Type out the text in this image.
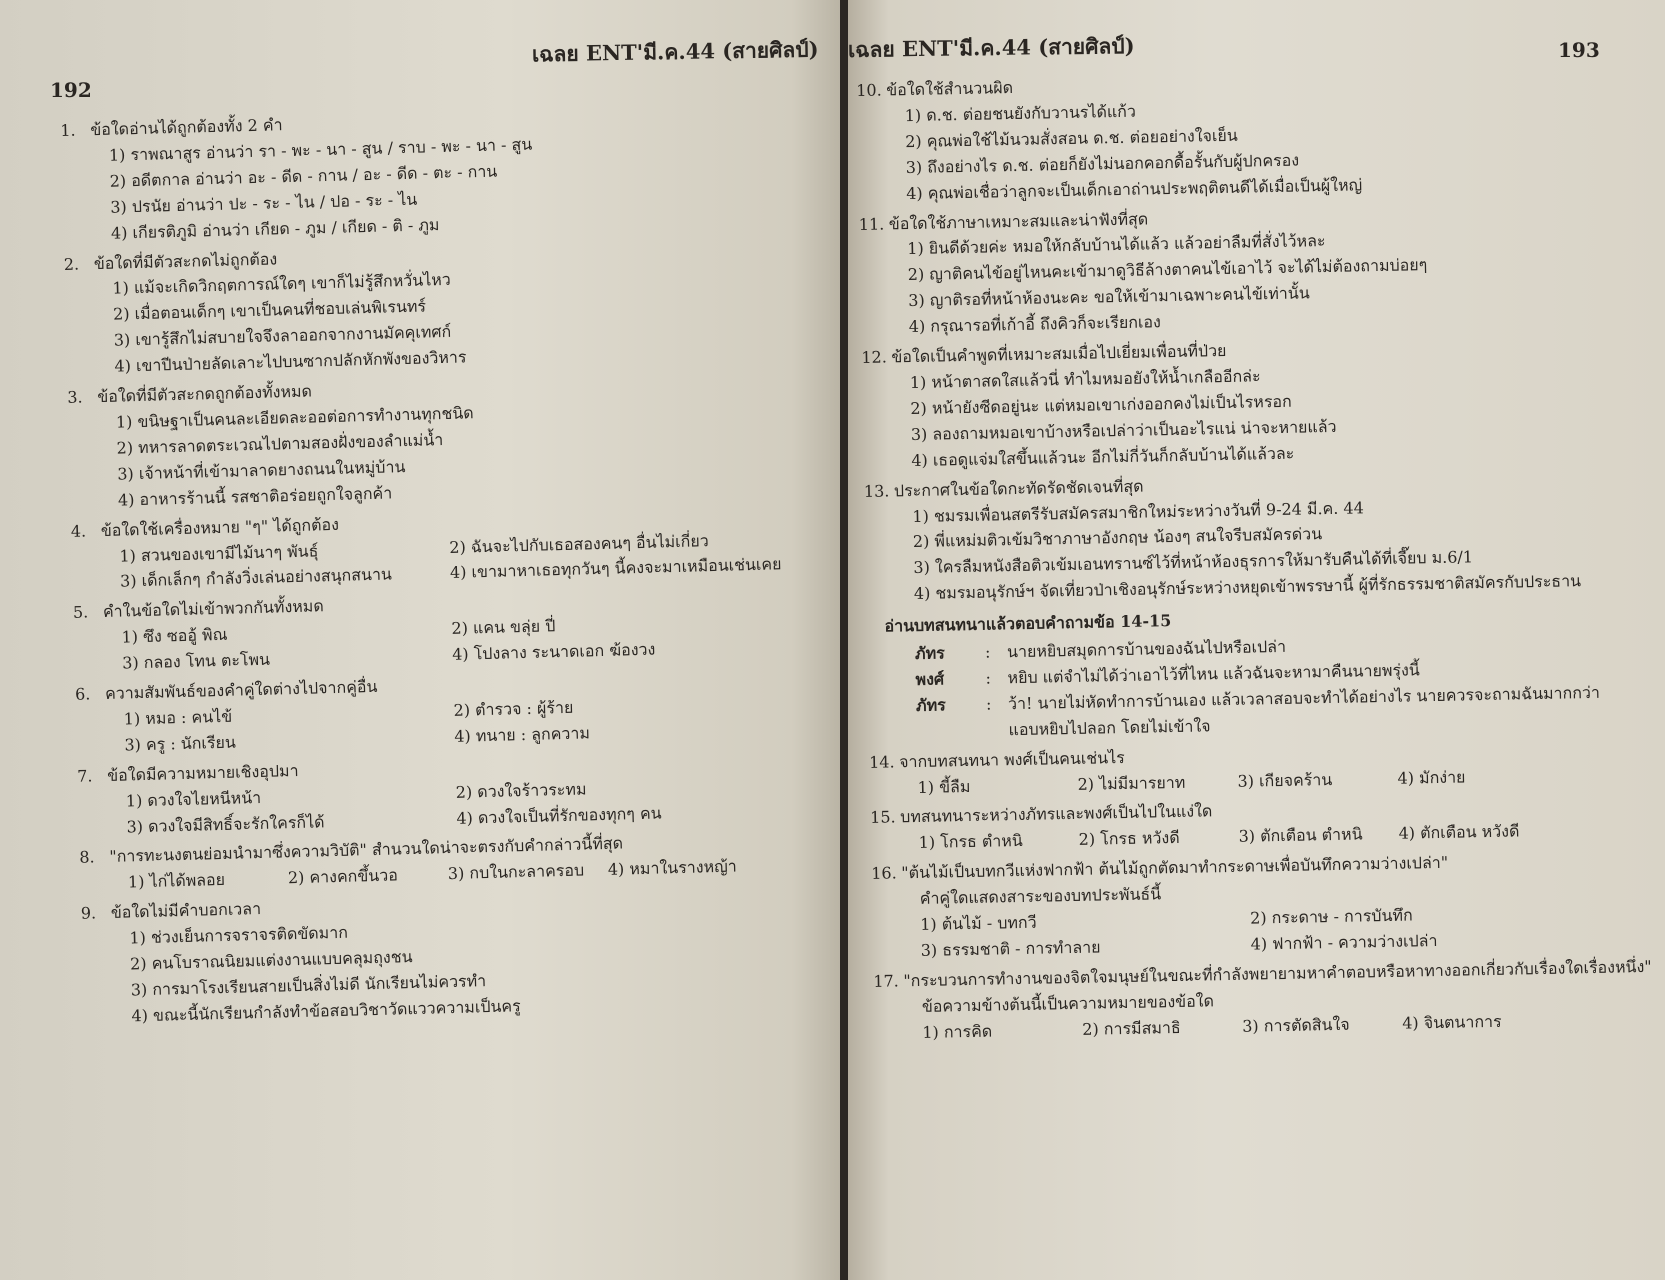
เฉลย ENT'มี.ค.44 (สายศิลป์)
192
1. ข้อใดอ่านได้ถูกต้องทั้ง 2 คำ
1) ราพณาสูร อ่านว่า รา - พะ - นา - สูน / ราบ - พะ - นา - สูน
2) อดีตกาล อ่านว่า อะ - ดีด - กาน / อะ - ดีด - ตะ - กาน
3) ปรนัย อ่านว่า ปะ - ระ - ไน / ปอ - ระ - ไน
4) เกียรติภูมิ อ่านว่า เกียด - ภูม / เกียด - ติ - ภูม
2. ข้อใดที่มีตัวสะกดไม่ถูกต้อง
1) แม้จะเกิดวิกฤตการณ์ใดๆ เขาก็ไม่รู้สึกหวั่นไหว
2) เมื่อตอนเด็กๆ เขาเป็นคนที่ชอบเล่นพิเรนทร์
3) เขารู้สึกไม่สบายใจจึงลาออกจากงานมัคคุเทศก์
4) เขาปีนป่ายลัดเลาะไปบนซากปลักหักพังของวิหาร
3. ข้อใดที่มีตัวสะกดถูกต้องทั้งหมด
1) ขนิษฐาเป็นคนละเอียดละออต่อการทำงานทุกชนิด
2) ทหารลาดตระเวณไปตามสองฝั่งของลำแม่น้ำ
3) เจ้าหน้าที่เข้ามาลาดยางถนนในหมู่บ้าน
4) อาหารร้านนี้ รสชาติอร่อยถูกใจลูกค้า
4. ข้อใดใช้เครื่องหมาย "ๆ" ได้ถูกต้อง
1) สวนของเขามีไม้นาๆ พันธุ์	2) ฉันจะไปกับเธอสองคนๆ อื่นไม่เกี่ยว
3) เด็กเล็กๆ กำลังวิ่งเล่นอย่างสนุกสนาน	4) เขามาหาเธอทุกวันๆ นี้คงจะมาเหมือนเช่นเคย
5. คำในข้อใดไม่เข้าพวกกันทั้งหมด
1) ซึง ซออู้ พิณ	2) แคน ขลุ่ย ปี่
3) กลอง โทน ตะโพน	4) โปงลาง ระนาดเอก ฆ้องวง
6. ความสัมพันธ์ของคำคู่ใดต่างไปจากคู่อื่น
1) หมอ : คนไข้	2) ตำรวจ : ผู้ร้าย
3) ครู : นักเรียน	4) ทนาย : ลูกความ
7. ข้อใดมีความหมายเชิงอุปมา
1) ดวงใจไยหนีหน้า	2) ดวงใจร้าวระทม
3) ดวงใจมีสิทธิ์จะรักใครก็ได้	4) ดวงใจเป็นที่รักของทุกๆ คน
8. "การทะนงตนย่อมนำมาซึ่งความวิบัติ" สำนวนใดน่าจะตรงกับคำกล่าวนี้ที่สุด
1) ไก่ได้พลอย	2) คางคกขึ้นวอ	3) กบในกะลาครอบ	4) หมาในรางหญ้า
9. ข้อใดไม่มีคำบอกเวลา
1) ช่วงเย็นการจราจรติดขัดมาก
2) คนโบราณนิยมแต่งงานแบบคลุมถุงชน
3) การมาโรงเรียนสายเป็นสิ่งไม่ดี นักเรียนไม่ควรทำ
4) ขณะนี้นักเรียนกำลังทำข้อสอบวิชาวัดแววความเป็นครู
เฉลย ENT'มี.ค.44 (สายศิลป์)	193
10. ข้อใดใช้สำนวนผิด
1) ด.ช. ต่อยชนยังกับวานรได้แก้ว
2) คุณพ่อใช้ไม้นวมสั่งสอน ด.ช. ต่อยอย่างใจเย็น
3) ถึงอย่างไร ด.ช. ต่อยก็ยังไม่นอกคอกดื้อรั้นกับผู้ปกครอง
4) คุณพ่อเชื่อว่าลูกจะเป็นเด็กเอาถ่านประพฤติตนดีได้เมื่อเป็นผู้ใหญ่
11. ข้อใดใช้ภาษาเหมาะสมและน่าฟังที่สุด
1) ยินดีด้วยค่ะ หมอให้กลับบ้านได้แล้ว แล้วอย่าลืมที่สั่งไว้หละ
2) ญาติคนไข้อยู่ไหนคะเข้ามาดูวิธีล้างตาคนไข้เอาไว้ จะได้ไม่ต้องถามบ่อยๆ
3) ญาติรอที่หน้าห้องนะคะ ขอให้เข้ามาเฉพาะคนไข้เท่านั้น
4) กรุณารอที่เก้าอี้ ถึงคิวก็จะเรียกเอง
12. ข้อใดเป็นคำพูดที่เหมาะสมเมื่อไปเยี่ยมเพื่อนที่ป่วย
1) หน้าตาสดใสแล้วนี่ ทำไมหมอยังให้น้ำเกลืออีกล่ะ
2) หน้ายังซีดอยู่นะ แต่หมอเขาเก่งออกคงไม่เป็นไรหรอก
3) ลองถามหมอเขาบ้างหรือเปล่าว่าเป็นอะไรแน่ น่าจะหายแล้ว
4) เธอดูแจ่มใสขึ้นแล้วนะ อีกไม่กี่วันก็กลับบ้านได้แล้วละ
13. ประกาศในข้อใดกะทัดรัดชัดเจนที่สุด
1) ชมรมเพื่อนสตรีรับสมัครสมาชิกใหม่ระหว่างวันที่ 9-24 มี.ค. 44
2) พี่แหม่มติวเข้มวิชาภาษาอังกฤษ น้องๆ สนใจรีบสมัครด่วน
3) ใครลืมหนังสือติวเข้มเอนทรานซ์ไว้ที่หน้าห้องธุรการให้มารับคืนได้ที่เจี๊ยบ ม.6/1
4) ชมรมอนุรักษ์ฯ จัดเที่ยวป่าเชิงอนุรักษ์ระหว่างหยุดเข้าพรรษานี้ ผู้ที่รักธรรมชาติสมัครกับประธาน
อ่านบทสนทนาแล้วตอบคำถามข้อ 14-15
ภัทร	:	นายหยิบสมุดการบ้านของฉันไปหรือเปล่า
พงศ์	:	หยิบ แต่จำไม่ได้ว่าเอาไว้ที่ไหน แล้วฉันจะหามาคืนนายพรุ่งนี้
ภัทร	:	ว้า! นายไม่หัดทำการบ้านเอง แล้วเวลาสอบจะทำได้อย่างไร นายควรจะถามฉันมากกว่าแอบหยิบไปลอก โดยไม่เข้าใจ
14. จากบทสนทนา พงศ์เป็นคนเช่นไร
1) ขี้ลืม	2) ไม่มีมารยาท	3) เกียจคร้าน	4) มักง่าย
15. บทสนทนาระหว่างภัทรและพงศ์เป็นไปในแง่ใด
1) โกรธ ตำหนิ	2) โกรธ หวังดี	3) ตักเตือน ตำหนิ	4) ตักเตือน หวังดี
16. "ต้นไม้เป็นบทกวีแห่งฟากฟ้า ต้นไม้ถูกตัดมาทำกระดาษเพื่อบันทึกความว่างเปล่า"
คำคู่ใดแสดงสาระของบทประพันธ์นี้
1) ต้นไม้ - บทกวี	2) กระดาษ - การบันทึก
3) ธรรมชาติ - การทำลาย	4) ฟากฟ้า - ความว่างเปล่า
17. "กระบวนการทำงานของจิตใจมนุษย์ในขณะที่กำลังพยายามหาคำตอบหรือหาทางออกเกี่ยวกับเรื่องใดเรื่องหนึ่ง"
ข้อความข้างต้นนี้เป็นความหมายของข้อใด
1) การคิด	2) การมีสมาธิ	3) การตัดสินใจ	4) จินตนาการ
